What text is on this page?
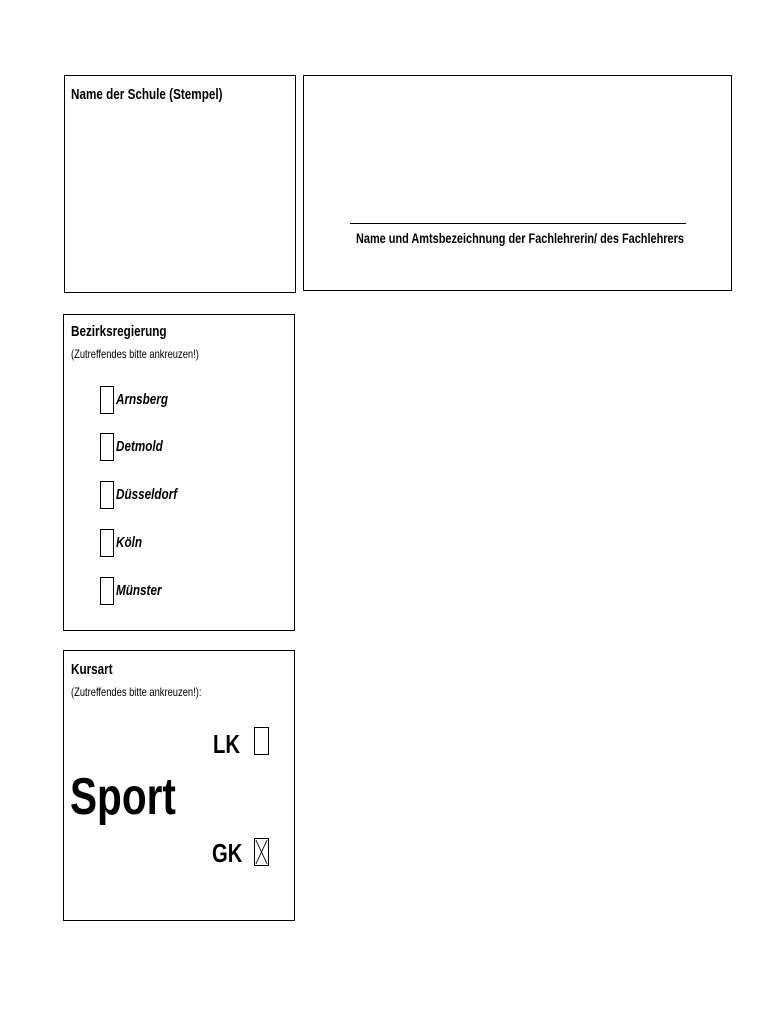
Name der Schule (Stempel)
Name und Amtsbezeichnung der Fachlehrerin/ des Fachlehrers
Bezirksregierung
(Zutreffendes bitte ankreuzen!)
Arnsberg
Detmold
Düsseldorf
Köln
Münster
Kursart
(Zutreffendes bitte ankreuzen!):
Sport
LK
GK
